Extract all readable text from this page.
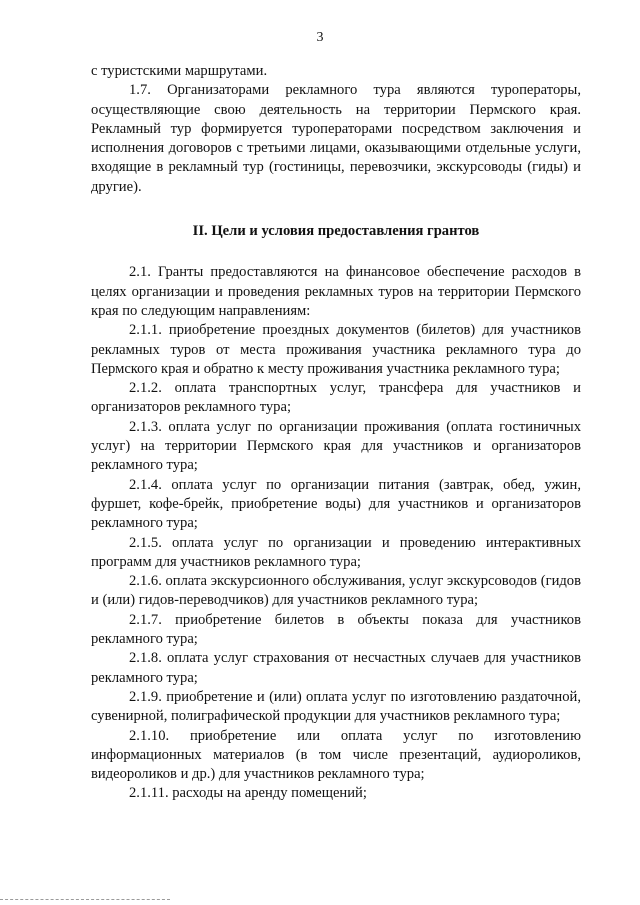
3

с туристскими маршрутами.

1.7. Организаторами рекламного тура являются туроператоры, осуществляющие свою деятельность на территории Пермского края. Рекламный тур формируется туроператорами посредством заключения и исполнения договоров с третьими лицами, оказывающими отдельные услуги, входящие в рекламный тур (гостиницы, перевозчики, экскурсоводы (гиды) и другие).

II. Цели и условия предоставления грантов

2.1. Гранты предоставляются на финансовое обеспечение расходов в целях организации и проведения рекламных туров на территории Пермского края по следующим направлениям:

2.1.1. приобретение проездных документов (билетов) для участников рекламных туров от места проживания участника рекламного тура до Пермского края и обратно к месту проживания участника рекламного тура;

2.1.2. оплата транспортных услуг, трансфера для участников и организаторов рекламного тура;

2.1.3. оплата услуг по организации проживания (оплата гостиничных услуг) на территории Пермского края для участников и организаторов рекламного тура;

2.1.4. оплата услуг по организации питания (завтрак, обед, ужин, фуршет, кофе-брейк, приобретение воды) для участников и организаторов рекламного тура;

2.1.5. оплата услуг по организации и проведению интерактивных программ для участников рекламного тура;

2.1.6. оплата экскурсионного обслуживания, услуг экскурсоводов (гидов и (или) гидов-переводчиков) для участников рекламного тура;

2.1.7. приобретение билетов в объекты показа для участников рекламного тура;

2.1.8. оплата услуг страхования от несчастных случаев для участников рекламного тура;

2.1.9. приобретение и (или) оплата услуг по изготовлению раздаточной, сувенирной, полиграфической продукции для участников рекламного тура;

2.1.10. приобретение или оплата услуг по изготовлению информационных материалов (в том числе презентаций, аудиороликов, видеороликов и др.) для участников рекламного тура;

2.1.11. расходы на аренду помещений;
